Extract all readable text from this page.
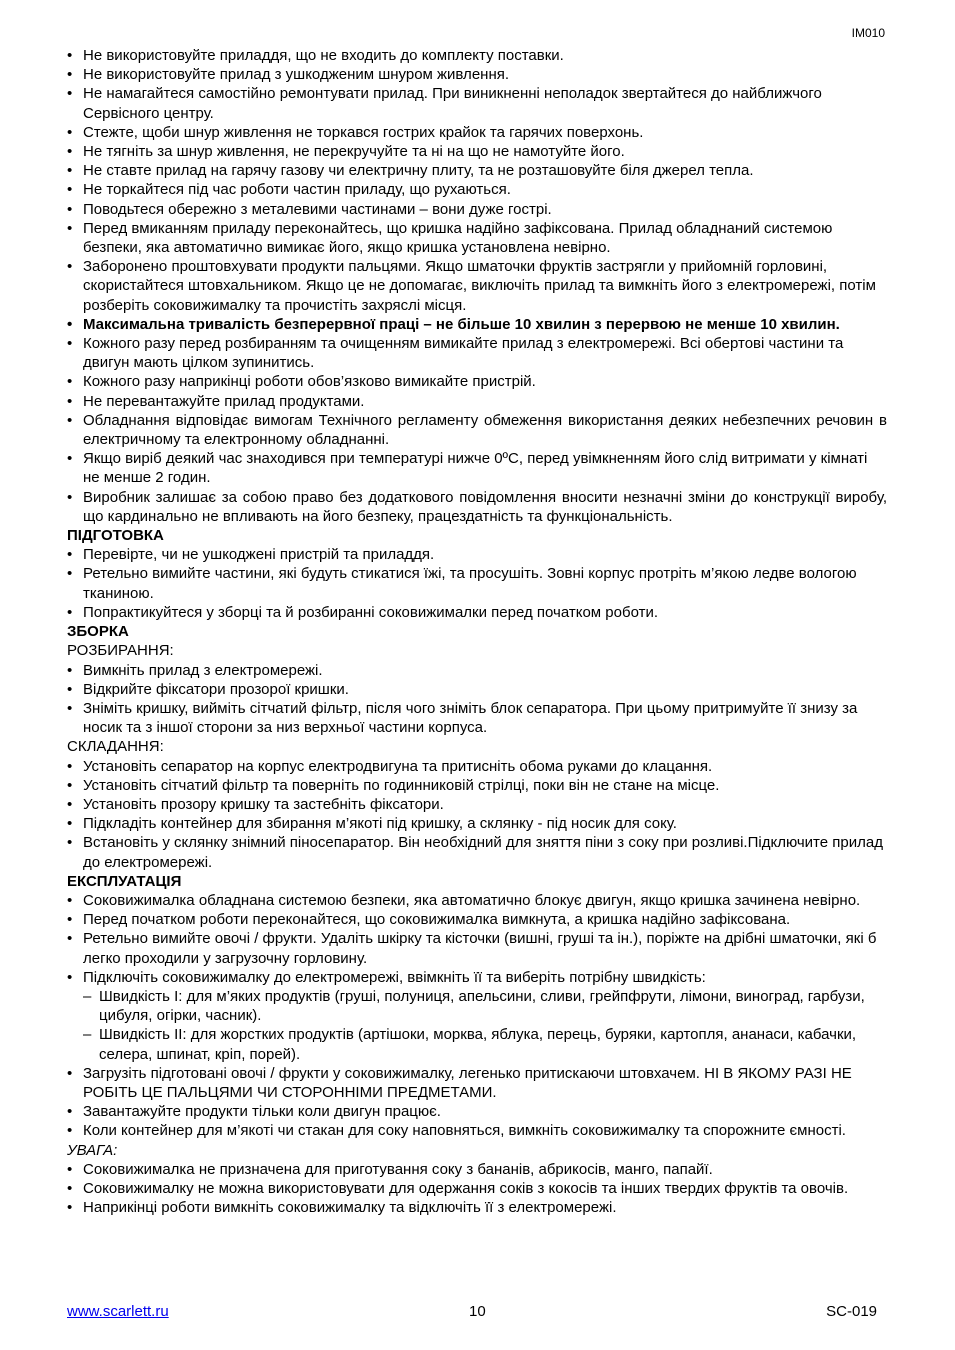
IM010
• Не використовуйте приладдя, що не входить до комплекту поставки.
• Не використовуйте прилад з ушкодженим шнуром живлення.
• Не намагайтеся самостійно ремонтувати прилад. При виникненні неполадок звертайтеся до найближчого Сервісного центру.
• Стежте, щоби шнур живлення не торкався гострих крайок та гарячих поверхонь.
• Не тягніть за шнур живлення, не перекручуйте та ні на що не намотуйте його.
• Не ставте прилад на гарячу газову чи електричну плиту, та не розташовуйте біля джерел тепла.
• Не торкайтеся під час роботи частин приладу, що рухаються.
• Поводьтеся обережно з металевими частинами – вони дуже гострі.
• Перед вмиканням приладу переконайтесь, що кришка надійно зафіксована. Прилад обладнаний системою безпеки, яка автоматично вимикає його, якщо кришка установлена невірно.
• Заборонено проштовхувати продукти пальцями. Якщо шматочки фруктів застрягли у прийомній горловині, скористайтеся штовхальником. Якщо це не допомагає, виключіть прилад та вимкніть його з електромережі, потім розберіть соковижималку та прочистіть захряслі місця.
• Максимальна тривалість безперервної праці – не більше 10 хвилин з перервою не менше 10 хвилин.
• Кожного разу перед розбиранням та очищенням вимикайте прилад з електромережі. Всі обертові частини та двигун мають цілком зупинитись.
• Кожного разу наприкінці роботи обов’язково вимикайте пристрій.
• Не перевантажуйте прилад продуктами.
• Обладнання відповідає вимогам Технічного регламенту обмеження використання деяких небезпечних речовин в електричному та електронному обладнанні.
• Якщо виріб деякий час знаходився при температурі нижче 0ºC, перед увімкненням його слід витримати у кімнаті не менше 2 годин.
• Виробник залишає за собою право без додаткового повідомлення вносити незначні зміни до конструкції виробу, що кардинально не впливають на його безпеку, працездатність та функціональність.
ПІДГОТОВКА
• Перевірте, чи не ушкоджені пристрій та приладдя.
• Ретельно вимийте частини, які будуть стикатися їжі, та просушіть. Зовні корпус протріть м’якою ледве вологою тканиною.
• Попрактикуйтеся у зборці та й розбиранні соковижималки перед початком роботи.
ЗБОРКА
РОЗБИРАННЯ:
• Вимкніть прилад з електромережі.
• Відкрийте фіксатори прозорої кришки.
• Зніміть кришку, вийміть сітчатий фільтр, після чого зніміть блок сепаратора. При цьому притримуйте її знизу за носик та з іншої сторони за низ верхньої частини корпуса.
СКЛАДАННЯ:
• Установіть сепаратор на корпус електродвигуна та притисніть обома руками до клацання.
• Установіть сітчатий фільтр та поверніть по годинниковій стрілці, поки він не стане на місце.
• Установіть прозору кришку та застебніть фіксатори.
• Підкладіть контейнер для збирання м’якоті під кришку, а склянку - під носик для соку.
• Встановіть у склянку знімний піносепаратор. Він необхідний для зняття піни з соку при розливі.Підключите прилад до електромережі.
ЕКСПЛУАТАЦІЯ
• Соковижималка обладнана системою безпеки, яка автоматично блокує двигун, якщо кришка зачинена невірно.
• Перед початком роботи переконайтеся, що соковижималка вимкнута, а кришка надійно зафіксована.
• Ретельно вимийте овочі / фрукти. Удаліть шкірку та кісточки (вишні, груші та ін.), поріжте на дрібні шматочки, які б легко проходили у загрузочну горловину.
• Підключіть соковижималку до електромережі, ввімкніть її та виберіть потрібну швидкість:
– Швидкість I: для м’яких продуктів (груші, полуниця, апельсини, сливи, грейпфрути, лімони, виноград, гарбузи, цибуля, огірки, часник).
– Швидкість II: для жорстких продуктів (артішоки, морква, яблука, перець, буряки, картопля, ананаси, кабачки, селера, шпинат, кріп, порей).
• Загрузіть підготовані овочі / фрукти у соковижималку, легенько притискаючи штовхачем. НІ В ЯКОМУ РАЗІ НЕ РОБІТЬ ЦЕ ПАЛЬЦЯМИ ЧИ СТОРОННІМИ ПРЕДМЕТАМИ.
• Завантажуйте продукти тільки коли двигун працює.
• Коли контейнер для м’якоті чи стакан для соку наповняться, вимкніть соковижималку та спорожните ємності.
УВАГА:
• Соковижималка не призначена для приготування соку з бананів, абрикосів, манго, папайї.
• Соковижималку не можна використовувати для одержання соків з кокосів та інших твердих фруктів та овочів.
• Наприкінці роботи вимкніть соковижималку та відключіть її з електромережі.
www.scarlett.ru	10	SC-019
